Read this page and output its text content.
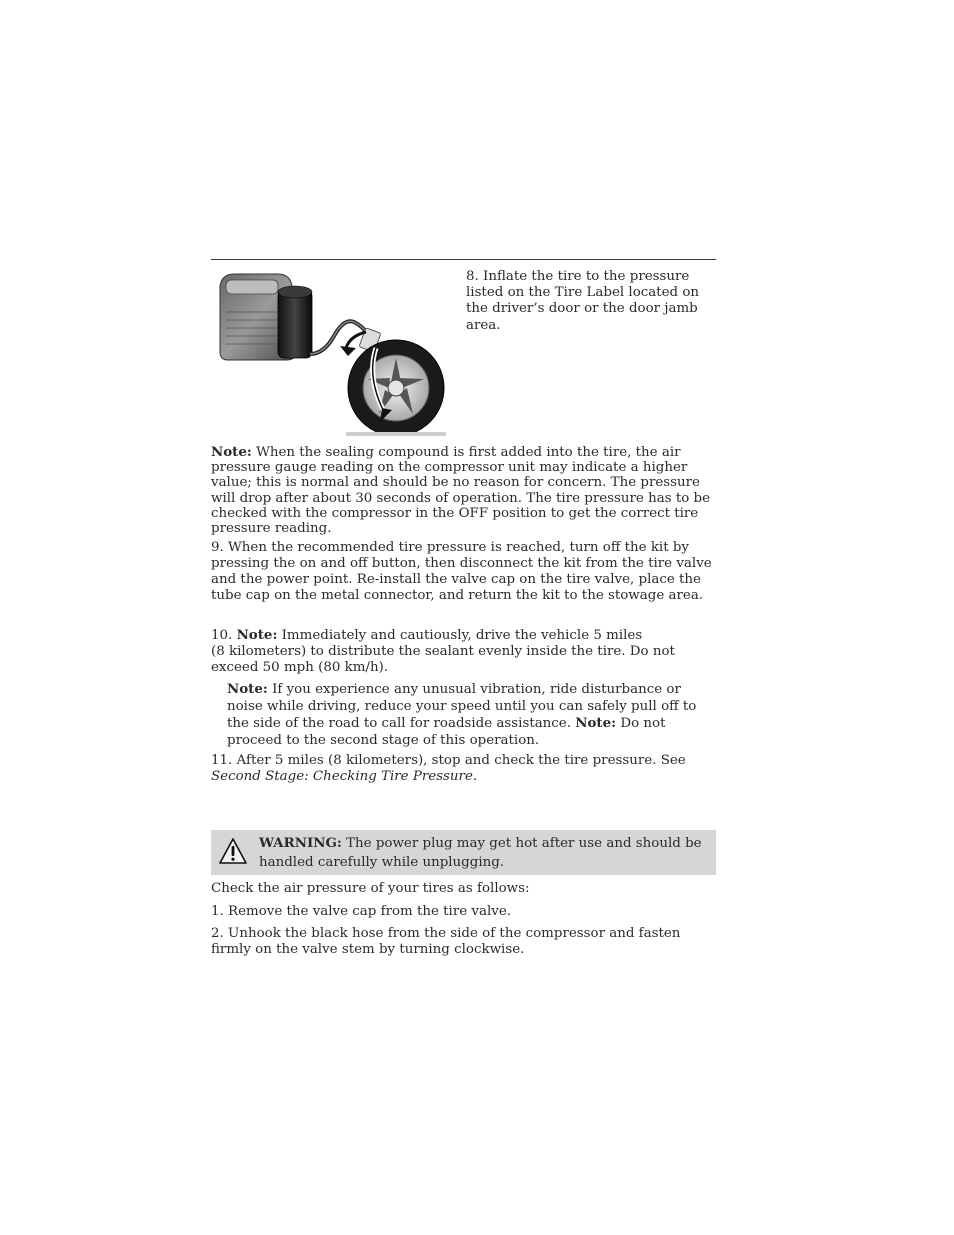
8. Inflate the tire to the pressure listed on the Tire Label located on the driver’s door or the door jamb area.

Note: When the sealing compound is first added into the tire, the air pressure gauge reading on the compressor unit may indicate a higher value; this is normal and should be no reason for concern. The pressure will drop after about 30 seconds of operation. The tire pressure has to be checked with the compressor in the OFF position to get the correct tire pressure reading.

9. When the recommended tire pressure is reached, turn off the kit by pressing the on and off button, then disconnect the kit from the tire valve and the power point. Re-install the valve cap on the tire valve, place the tube cap on the metal connector, and return the kit to the stowage area.

10. Note: Immediately and cautiously, drive the vehicle 5 miles
(8 kilometers) to distribute the sealant evenly inside the tire. Do not exceed 50 mph (80 km/h).

Note: If you experience any unusual vibration, ride disturbance or noise while driving, reduce your speed until you can safely pull off to the side of the road to call for roadside assistance. Note: Do not proceed to the second stage of this operation.

11. After 5 miles (8 kilometers), stop and check the tire pressure. See
Second Stage: Checking Tire Pressure.

WARNING: The power plug may get hot after use and should be handled carefully while unplugging.

Check the air pressure of your tires as follows:

1. Remove the valve cap from the tire valve.

2. Unhook the black hose from the side of the compressor and fasten firmly on the valve stem by turning clockwise.
